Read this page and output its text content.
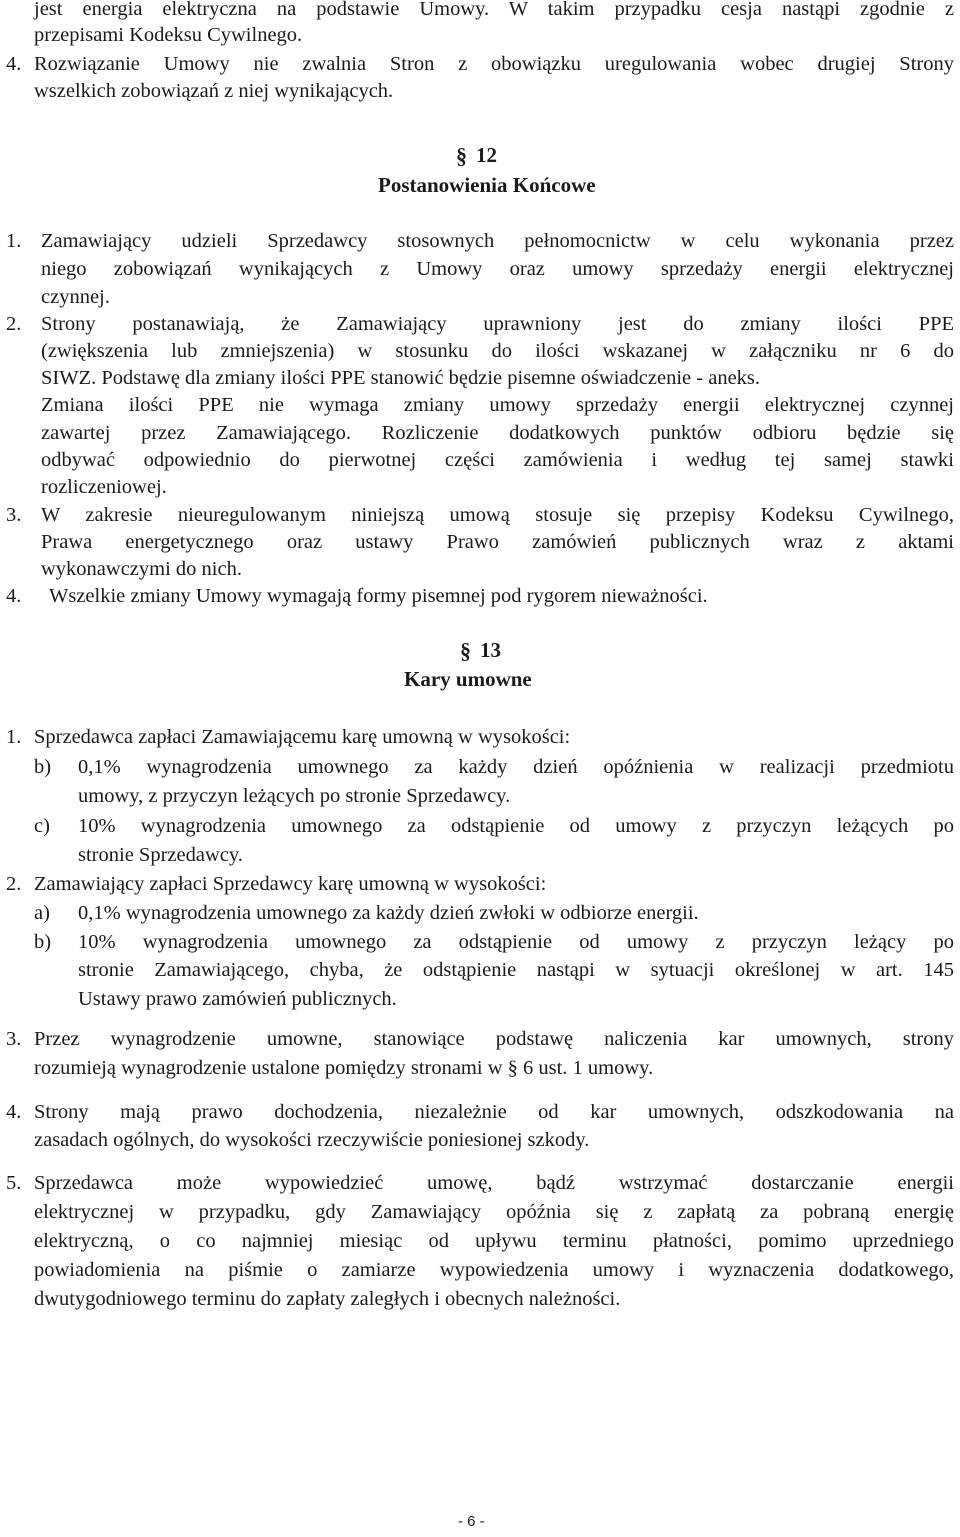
jest energia elektryczna na podstawie Umowy. W takim przypadku cesja nastąpi zgodnie z
przepisami Kodeksu Cywilnego.
4. Rozwiązanie Umowy nie zwalnia Stron z obowiązku uregulowania wobec drugiej Strony
wszelkich zobowiązań z niej wynikających.
§ 12
Postanowienia Końcowe
1. Zamawiający udzieli Sprzedawcy stosownych pełnomocnictw w celu wykonania przez
niego zobowiązań wynikających z Umowy oraz umowy sprzedaży energii elektrycznej
czynnej.
2. Strony postanawiają, że Zamawiający uprawniony jest do zmiany ilości PPE
(zwiększenia lub zmniejszenia) w stosunku do ilości wskazanej w załączniku nr 6 do
SIWZ. Podstawę dla zmiany ilości PPE stanowić będzie pisemne oświadczenie - aneks.
Zmiana ilości PPE nie wymaga zmiany umowy sprzedaży energii elektrycznej czynnej
zawartej przez Zamawiającego. Rozliczenie dodatkowych punktów odbioru będzie się
odbywać odpowiednio do pierwotnej części zamówienia i według tej samej stawki
rozliczeniowej.
3. W zakresie nieuregulowanym niniejszą umową stosuje się przepisy Kodeksu Cywilnego,
Prawa energetycznego oraz ustawy Prawo zamówień publicznych wraz z aktami
wykonawczymi do nich.
4. Wszelkie zmiany Umowy wymagają formy pisemnej pod rygorem nieważności.
§ 13
Kary umowne
1. Sprzedawca zapłaci Zamawiającemu karę umowną w wysokości:
b) 0,1% wynagrodzenia umownego za każdy dzień opóźnienia w realizacji przedmiotu
umowy, z przyczyn leżących po stronie Sprzedawcy.
c) 10% wynagrodzenia umownego za odstąpienie od umowy z przyczyn leżących po
stronie Sprzedawcy.
2. Zamawiający zapłaci Sprzedawcy karę umowną w wysokości:
a) 0,1% wynagrodzenia umownego za każdy dzień zwłoki w odbiorze energii.
b) 10% wynagrodzenia umownego za odstąpienie od umowy z przyczyn leżący po
stronie Zamawiającego, chyba, że odstąpienie nastąpi w sytuacji określonej w art. 145
Ustawy prawo zamówień publicznych.
3. Przez wynagrodzenie umowne, stanowiące podstawę naliczenia kar umownych, strony
rozumieją wynagrodzenie ustalone pomiędzy stronami w § 6 ust. 1 umowy.
4. Strony mają prawo dochodzenia, niezależnie od kar umownych, odszkodowania na
zasadach ogólnych, do wysokości rzeczywiście poniesionej szkody.
5. Sprzedawca może wypowiedzieć umowę, bądź wstrzymać dostarczanie energii
elektrycznej w przypadku, gdy Zamawiający opóźnia się z zapłatą za pobraną energię
elektryczną, o co najmniej miesiąc od upływu terminu płatności, pomimo uprzedniego
powiadomienia na piśmie o zamiarze wypowiedzenia umowy i wyznaczenia dodatkowego,
dwutygodniowego terminu do zapłaty zaległych i obecnych należności.
- 6 -
